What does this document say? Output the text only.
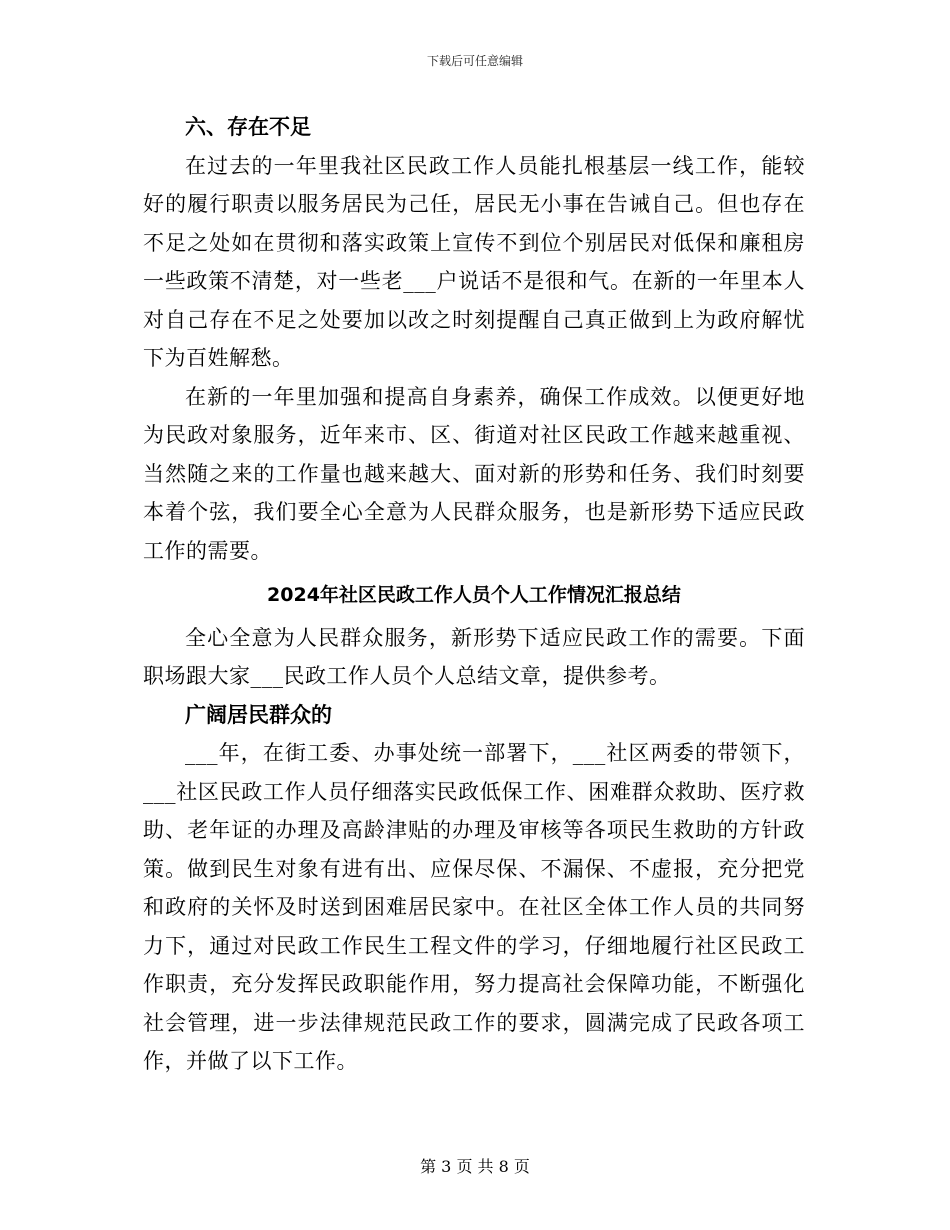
下载后可任意编辑

六、存在不足

在过去的一年里我社区民政工作人员能扎根基层一线工作，能较好的履行职责以服务居民为己任，居民无小事在告诫自己。但也存在不足之处如在贯彻和落实政策上宣传不到位个别居民对低保和廉租房一些政策不清楚，对一些老___户说话不是很和气。在新的一年里本人对自己存在不足之处要加以改之时刻提醒自己真正做到上为政府解忧下为百姓解愁。

在新的一年里加强和提高自身素养，确保工作成效。以便更好地为民政对象服务，近年来市、区、街道对社区民政工作越来越重视、当然随之来的工作量也越来越大、面对新的形势和任务、我们时刻要本着个弦，我们要全心全意为人民群众服务，也是新形势下适应民政工作的需要。

2024年社区民政工作人员个人工作情况汇报总结

全心全意为人民群众服务，新形势下适应民政工作的需要。下面职场跟大家___民政工作人员个人总结文章，提供参考。

广阔居民群众的

___年，在街工委、办事处统一部署下，___社区两委的带领下，___社区民政工作人员仔细落实民政低保工作、困难群众救助、医疗救助、老年证的办理及高龄津贴的办理及审核等各项民生救助的方针政策。做到民生对象有进有出、应保尽保、不漏保、不虚报，充分把党和政府的关怀及时送到困难居民家中。在社区全体工作人员的共同努力下，通过对民政工作民生工程文件的学习，仔细地履行社区民政工作职责，充分发挥民政职能作用，努力提高社会保障功能，不断强化社会管理，进一步法律规范民政工作的要求，圆满完成了民政各项工作，并做了以下工作。

第 3 页 共 8 页
